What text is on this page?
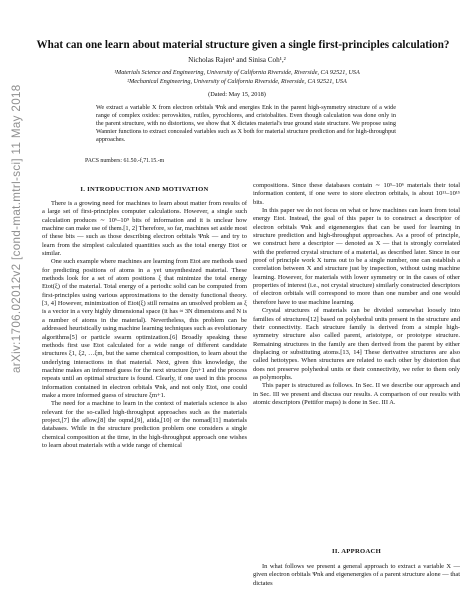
What can one learn about material structure given a single first-principles calculation?
Nicholas Rajen¹ and Sinisa Coh¹,²
¹Materials Science and Engineering, University of California Riverside, Riverside, CA 92521, USA
²Mechanical Engineering, University of California Riverside, Riverside, CA 92521, USA
(Dated: May 15, 2018)
We extract a variable X from electron orbitals Ψnk and energies Enk in the parent high-symmetry structure of a wide range of complex oxides: perovskites, rutiles, pyrochlores, and cristobalites. Even though calculation was done only in the parent structure, with no distortions, we show that X dictates material's true ground state structure. We propose using Wannier functions to extract concealed variables such as X both for material structure prediction and for high-throughput approaches.
PACS numbers: 61.50.-f,71.15.-m
arXiv:1706.02012v2 [cond-mat.mtrl-sci] 11 May 2018	I. INTRODUCTION AND MOTIVATION

There is a growing need for machines to learn about matter from results of a large set of first-principles computer calculations. However, a single such calculation produces ∼ 10⁶–10⁹ bits of information and it is unclear how machine can make use of them.[1, 2] Therefore, so far, machines set aside most of these bits — such as those describing electron orbitals Ψnk — and try to learn from the simplest calculated quantities such as the total energy Etot or similar.

One such example where machines are learning from Etot are methods used for predicting positions of atoms in a yet unsynthesized material. These methods look for a set of atom positions ξ that minimize the total energy Etot(ξ) of the material. Total energy of a periodic solid can be computed from first-principles using various approximations to the density functional theory.[3, 4] However, minimization of Etot(ξ) still remains an unsolved problem as ξ is a vector in a very highly dimensional space (it has ≈ 3N dimensions and N is a number of atoms in the material). Nevertheless, this problem can be addressed heuristically using machine learning techniques such as evolutionary algorithms[5] or particle swarm optimization.[6] Broadly speaking these methods first use Etot calculated for a wide range of different candidate structures ξ1, ξ2, …ξm, but the same chemical composition, to learn about the underlying interactions in that material. Next, given this knowledge, the machine makes an informed guess for the next structure ξm+1 and the process repeats until an optimal structure is found. Clearly, if one used in this process information contained in electron orbitals Ψnk, and not only Etot, one could make a more informed guess of structure ξm+1.

The need for a machine to learn in the context of materials science is also relevant for the so-called high-throughput approaches such as the materials project,[7] the aflow,[8] the oqmd,[9], aiida,[10] or the nomad[11] materials databases. While in the structure prediction problem one considers a single chemical composition at the time, in the high-throughput approach one wishes to learn about materials with a wide range of chemical

compositions. Since these databases contain ∼ 10⁵–10⁶ materials their total information content, if one were to store electron orbitals, is about 10¹¹–10¹⁵ bits.

In this paper we do not focus on what or how machines can learn from total energy Etot. Instead, the goal of this paper is to construct a descriptor of electron orbitals Ψnk and eigenenergies that can be used for learning in structure prediction and high-throughput approaches. As a proof of principle, we construct here a descriptor — denoted as X — that is strongly correlated with the preferred crystal structure of a material, as described later. Since in our proof of principle work X turns out to be a single number, one can establish a correlation between X and structure just by inspection, without using machine learning. However, for materials with lower symmetry or in the cases of other properties of interest (i.e., not crystal structure) similarly constructed descriptors of electron orbitals will correspond to more than one number and one would therefore have to use machine learning.

Crystal structures of materials can be divided somewhat loosely into families of structures[12] based on polyhedral units present in the structure and their connectivity. Each structure family is derived from a simple high-symmetry structure also called parent, aristotype, or prototype structure. Remaining structures in the family are then derived from the parent by either displacing or substituting atoms.[13, 14] These derivative structures are also called hettotypes. When structures are related to each other by distortion that does not preserve polyhedral units or their connectivity, we refer to them only as polymorphs.

This paper is structured as follows. In Sec. II we describe our approach and in Sec. III we present and discuss our results. A comparison of our results with atomic descriptors (Pettifor maps) is done in Sec. III A.

II. APPROACH

In what follows we present a general approach to extract a variable X — given electron orbitals Ψnk and eigenenergies of a parent structure alone — that dictates
